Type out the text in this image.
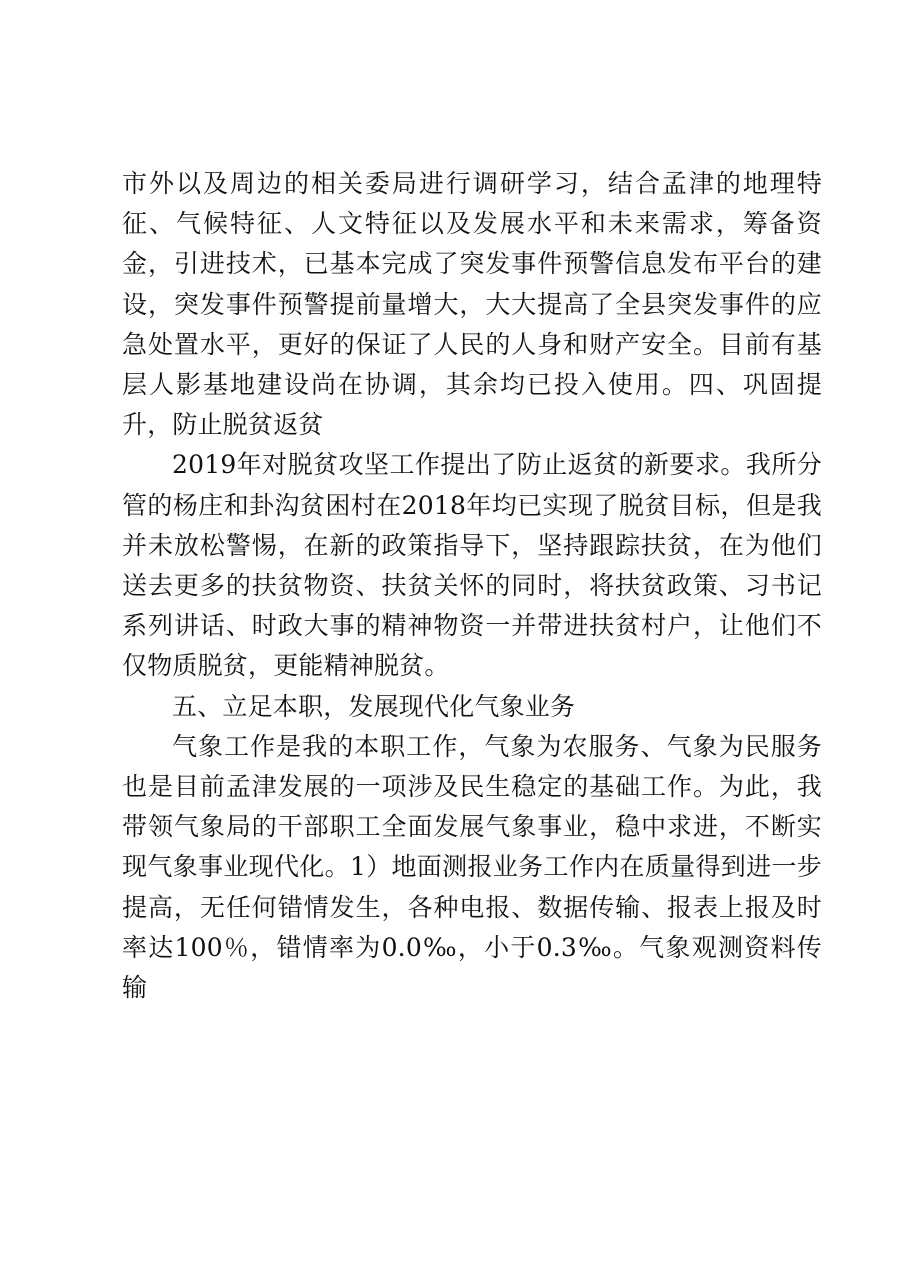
市外以及周边的相关委局进行调研学习，结合孟津的地理特征、气候特征、人文特征以及发展水平和未来需求，筹备资金，引进技术，已基本完成了突发事件预警信息发布平台的建设，突发事件预警提前量增大，大大提高了全县突发事件的应急处置水平，更好的保证了人民的人身和财产安全。目前有基层人影基地建设尚在协调，其余均已投入使用。四、巩固提升，防止脱贫返贫

2019年对脱贫攻坚工作提出了防止返贫的新要求。我所分管的杨庄和卦沟贫困村在2018年均已实现了脱贫目标，但是我并未放松警惕，在新的政策指导下，坚持跟踪扶贫，在为他们送去更多的扶贫物资、扶贫关怀的同时，将扶贫政策、习书记系列讲话、时政大事的精神物资一并带进扶贫村户，让他们不仅物质脱贫，更能精神脱贫。

五、立足本职，发展现代化气象业务

气象工作是我的本职工作，气象为农服务、气象为民服务也是目前孟津发展的一项涉及民生稳定的基础工作。为此，我带领气象局的干部职工全面发展气象事业，稳中求进，不断实现气象事业现代化。1）地面测报业务工作内在质量得到进一步提高，无任何错情发生，各种电报、数据传输、报表上报及时率达100％，错情率为0.0‰，小于0.3‰。气象观测资料传输
